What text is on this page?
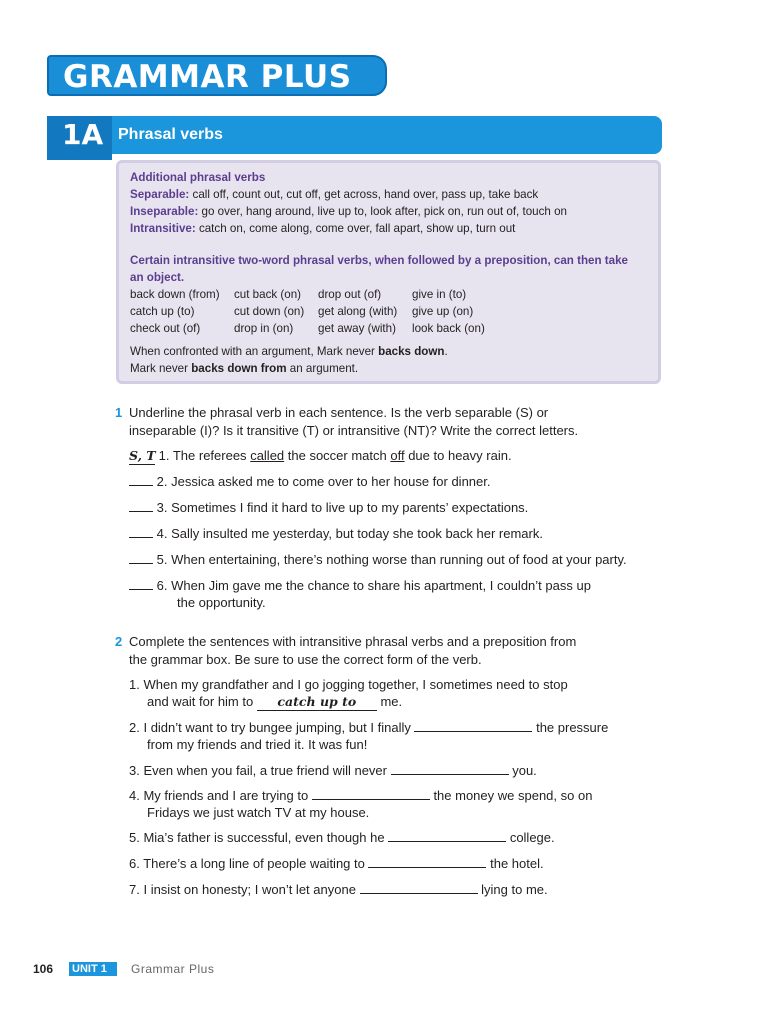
GRAMMAR PLUS
1A Phrasal verbs
Additional phrasal verbs
Separable: call off, count out, cut off, get across, hand over, pass up, take back
Inseparable: go over, hang around, live up to, look after, pick on, run out of, touch on
Intransitive: catch on, come along, come over, fall apart, show up, turn out
Certain intransitive two-word phrasal verbs, when followed by a preposition, can then take
an object.
back down (from)	cut back (on)	drop out (of)	give in (to)
catch up (to)	cut down (on)	get along (with)	give up (on)
check out (of)	drop in (on)	get away (with)	look back (on)
When confronted with an argument, Mark never backs down.
Mark never backs down from an argument.
1 Underline the phrasal verb in each sentence. Is the verb separable (S) or
inseparable (I)? Is it transitive (T) or intransitive (NT)? Write the correct letters.
S, T 1. The referees called the soccer match off due to heavy rain.
2. Jessica asked me to come over to her house for dinner.
3. Sometimes I find it hard to live up to my parents’ expectations.
4. Sally insulted me yesterday, but today she took back her remark.
5. When entertaining, there’s nothing worse than running out of food at your party.
6. When Jim gave me the chance to share his apartment, I couldn’t pass up
the opportunity.
2 Complete the sentences with intransitive phrasal verbs and a preposition from
the grammar box. Be sure to use the correct form of the verb.
1. When my grandfather and I go jogging together, I sometimes need to stop
and wait for him to catch up to me.
2. I didn’t want to try bungee jumping, but I finally	the pressure
from my friends and tried it. It was fun!
3. Even when you fail, a true friend will never	you.
4. My friends and I are trying to	the money we spend, so on
Fridays we just watch TV at my house.
5. Mia’s father is successful, even though he	college.
6. There’s a long line of people waiting to	the hotel.
7. I insist on honesty; I won’t let anyone	lying to me.
106 UNIT 1	Grammar Plus
